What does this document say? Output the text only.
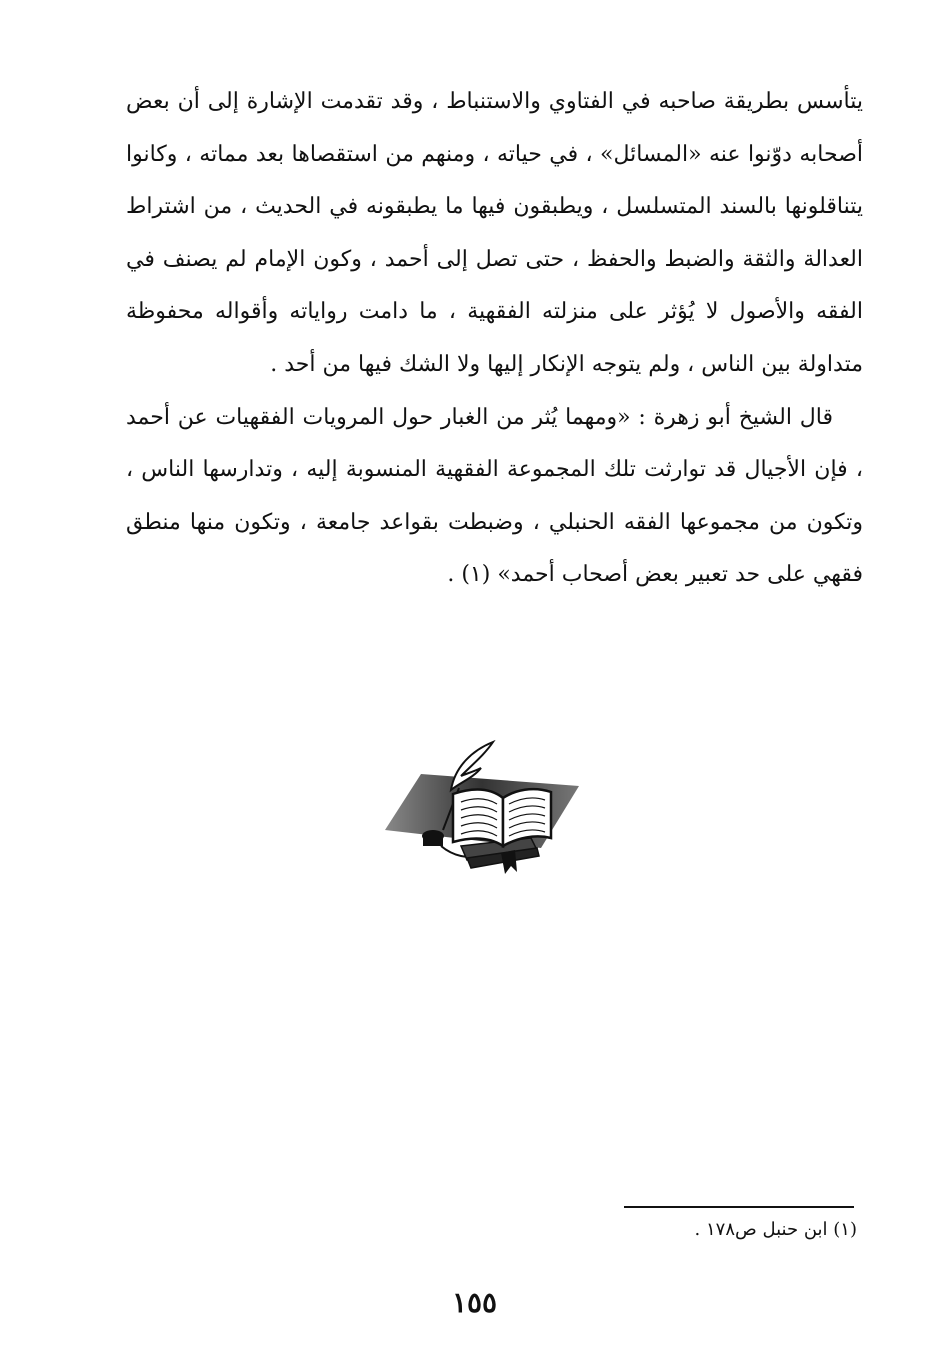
يتأسس بطريقة صاحبه في الفتاوي والاستنباط ، وقد تقدمت الإشارة إلى أن بعض أصحابه دوّنوا عنه «المسائل» ، في حياته ، ومنهم من استقصاها بعد مماته ، وكانوا يتناقلونها بالسند المتسلسل ، ويطبقون فيها ما يطبقونه في الحديث ، من اشتراط العدالة والثقة والضبط والحفظ ، حتى تصل إلى أحمد ، وكون الإمام لم يصنف في الفقه والأصول لا يُؤثر على منزلته الفقهية ، ما دامت رواياته وأقواله محفوظة متداولة بين الناس ، ولم يتوجه الإنكار إليها ولا الشك فيها من أحد .

قال الشيخ أبو زهرة : «ومهما يُثر من الغبار حول المرويات الفقهيات عن أحمد ، فإن الأجيال قد توارثت تلك المجموعة الفقهية المنسوبة إليه ، وتدارسها الناس ، وتكون من مجموعها الفقه الحنبلي ، وضبطت بقواعد جامعة ، وتكون منها منطق فقهي على حد تعبير بعض أصحاب أحمد» (١) .

(١) ابن حنبل ص١٧٨ .
١٥٥
